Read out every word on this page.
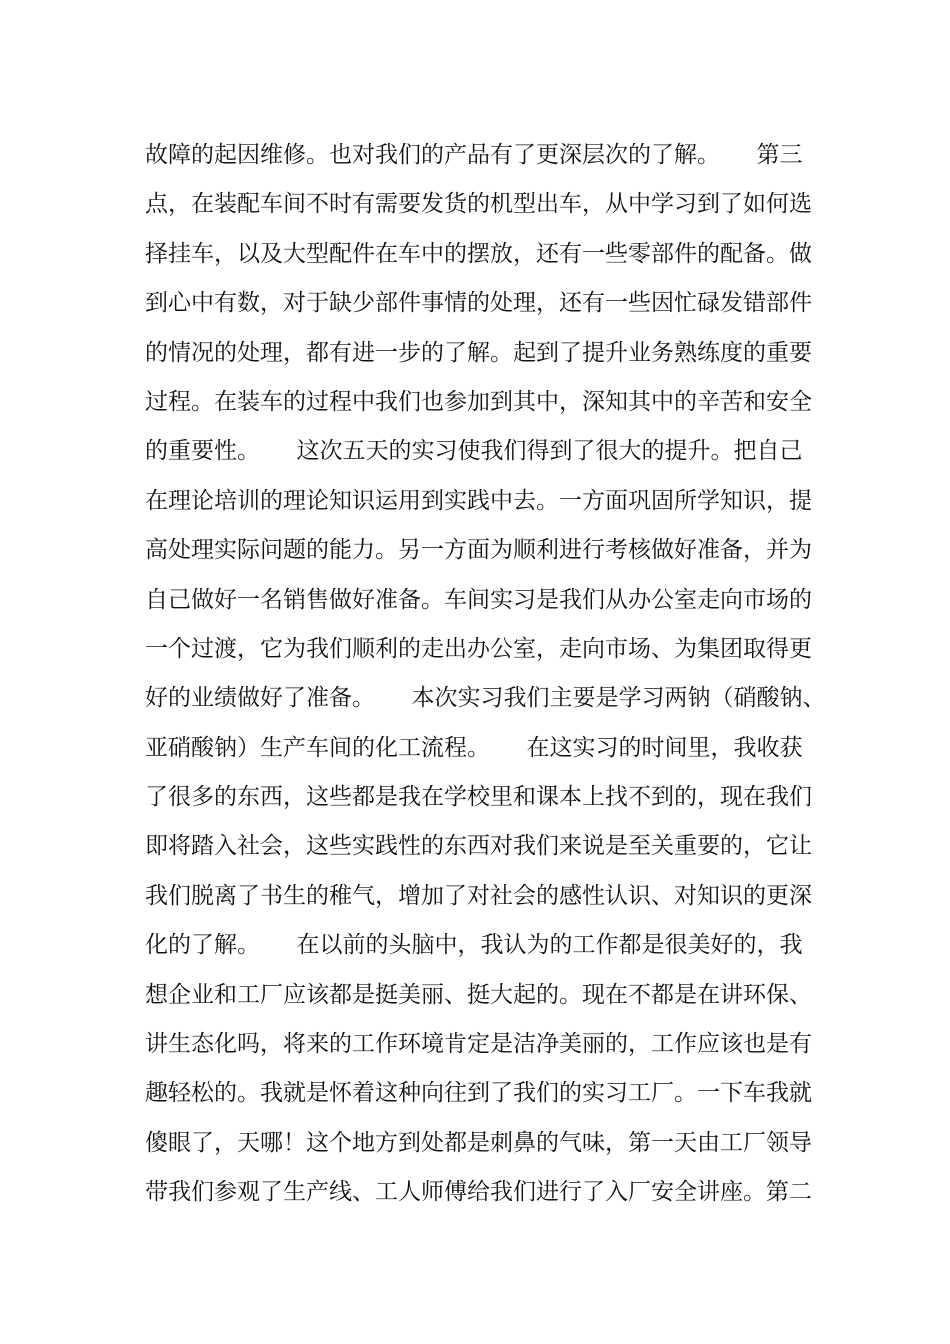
故障的起因维修。也对我们的产品有了更深层次的了解。     第三
点，在装配车间不时有需要发货的机型出车，从中学习到了如何选
择挂车，以及大型配件在车中的摆放，还有一些零部件的配备。做
到心中有数，对于缺少部件事情的处理，还有一些因忙碌发错部件
的情况的处理，都有进一步的了解。起到了提升业务熟练度的重要
过程。在装车的过程中我们也参加到其中，深知其中的辛苦和安全
的重要性。     这次五天的实习使我们得到了很大的提升。把自己
在理论培训的理论知识运用到实践中去。一方面巩固所学知识，提
高处理实际问题的能力。另一方面为顺利进行考核做好准备，并为
自己做好一名销售做好准备。车间实习是我们从办公室走向市场的
一个过渡，它为我们顺利的走出办公室，走向市场、为集团取得更
好的业绩做好了准备。     本次实习我们主要是学习两钠（硝酸钠、
亚硝酸钠）生产车间的化工流程。     在这实习的时间里，我收获
了很多的东西，这些都是我在学校里和课本上找不到的，现在我们
即将踏入社会，这些实践性的东西对我们来说是至关重要的，它让
我们脱离了书生的稚气，增加了对社会的感性认识、对知识的更深
化的了解。     在以前的头脑中，我认为的工作都是很美好的，我
想企业和工厂应该都是挺美丽、挺大起的。现在不都是在讲环保、
讲生态化吗，将来的工作环境肯定是洁净美丽的，工作应该也是有
趣轻松的。我就是怀着这种向往到了我们的实习工厂。一下车我就
傻眼了，天哪！这个地方到处都是刺鼻的气味，第一天由工厂领导
带我们参观了生产线、工人师傅给我们进行了入厂安全讲座。第二
